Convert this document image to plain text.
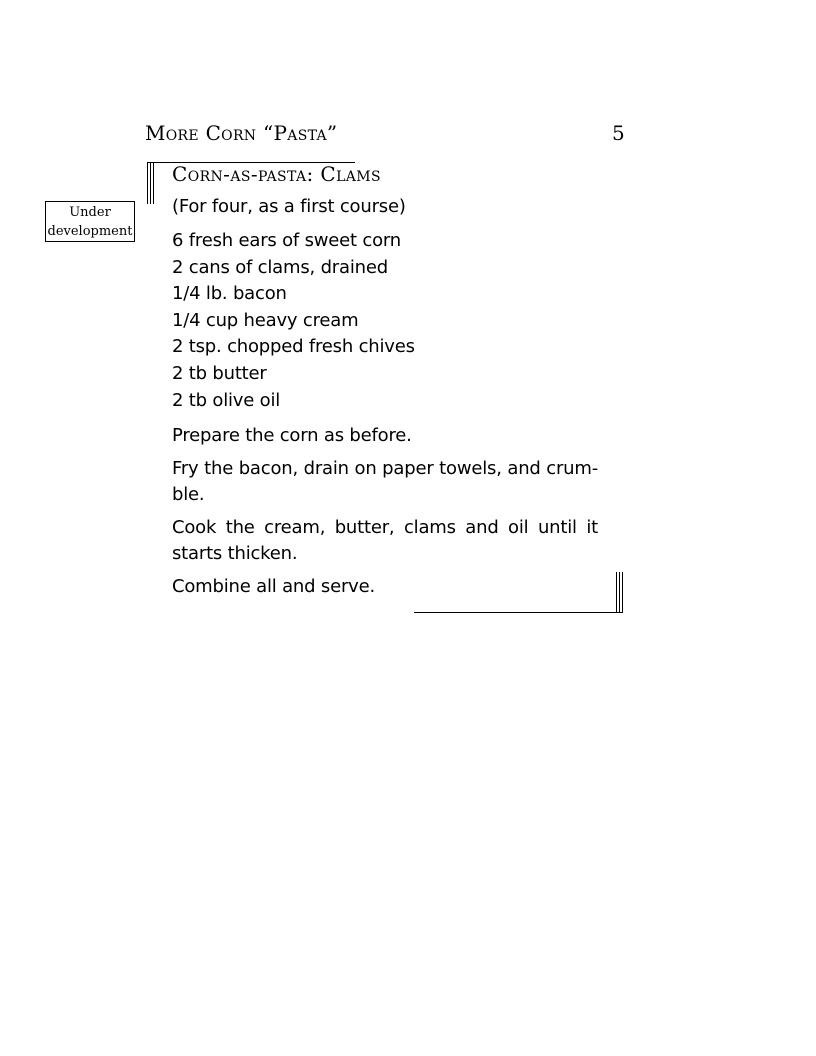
More Corn “Pasta”	5
Under
development
Corn-as-pasta: Clams

(For four, as a first course)

6 fresh ears of sweet corn
2 cans of clams, drained
1/4 lb. bacon
1/4 cup heavy cream
2 tsp. chopped fresh chives
2 tb butter
2 tb olive oil

Prepare the corn as before.

Fry the bacon, drain on paper towels, and crum-ble.

Cook the cream, butter, clams and oil until it starts thicken.

Combine all and serve.
